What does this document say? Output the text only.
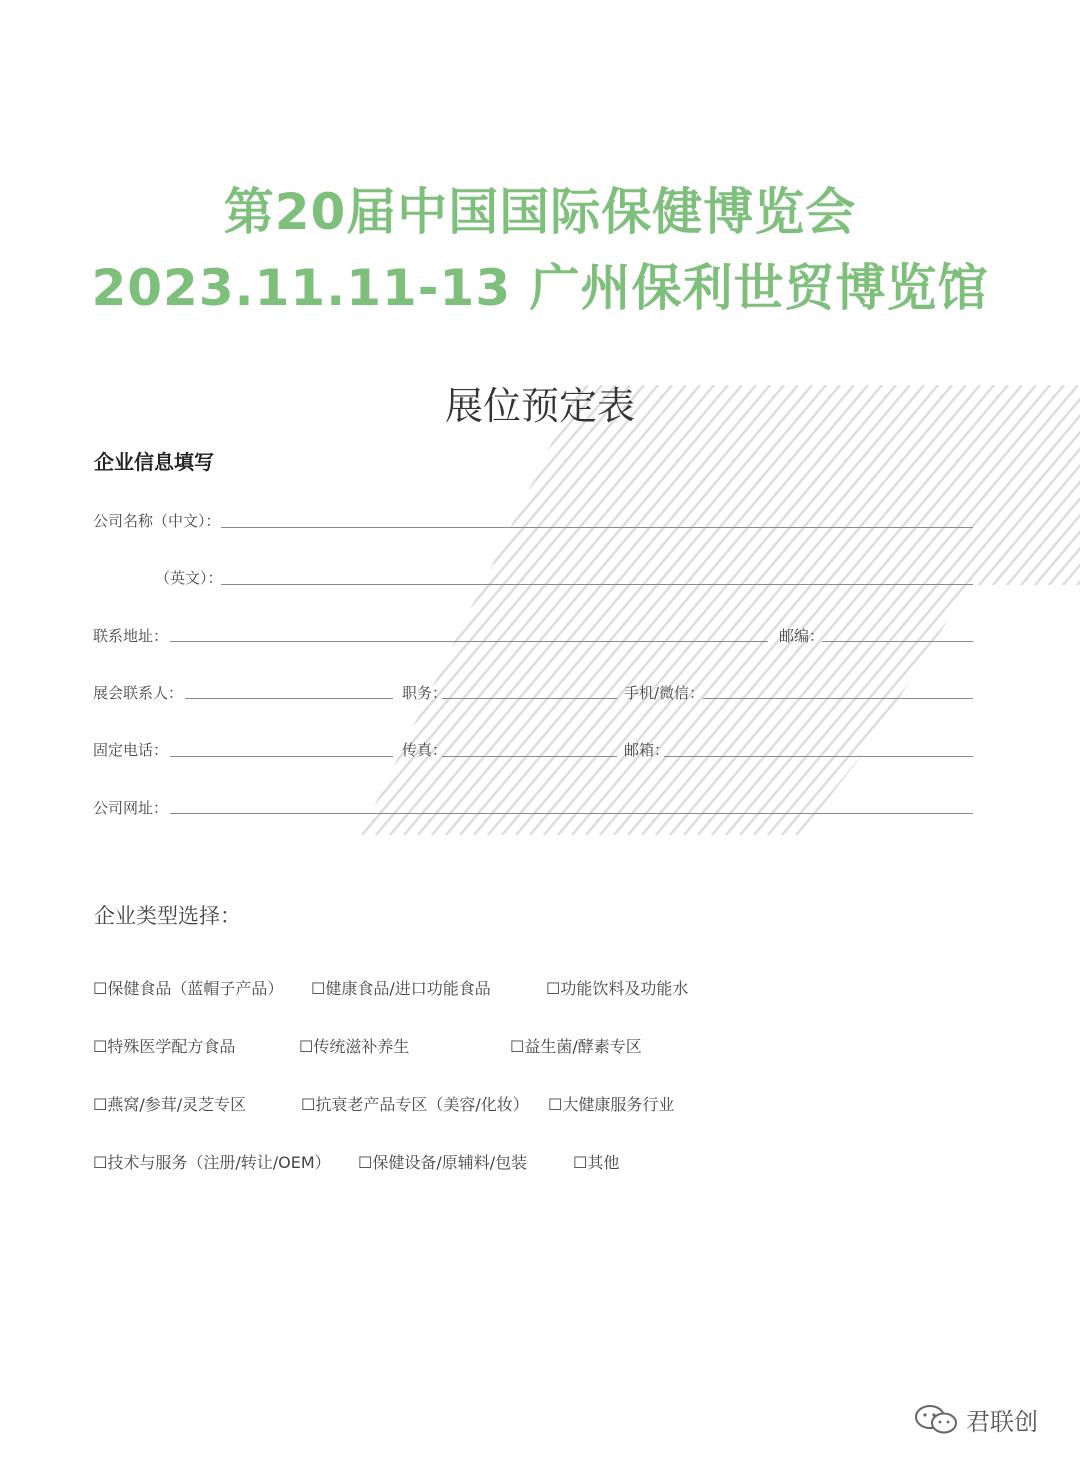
第20届中国国际保健博览会
2023.11.11-13 广州保利世贸博览馆
展位预定表
企业信息填写
公司名称（中文）：
（英文）：
联系地址：	邮编：
展会联系人：	职务：	手机/微信：
固定电话：	传真：	邮箱：
公司网址：
企业类型选择：
☐保健食品（蓝帽子产品） ☐健康食品/进口功能食品	☐功能饮料及功能水
☐特殊医学配方食品	☐传统滋补养生	☐益生菌/酵素专区
☐燕窝/参茸/灵芝专区	☐抗衰老产品专区（美容/化妆） ☐大健康服务行业
☐技术与服务（注册/转让/OEM） ☐保健设备/原辅料/包装	☐其他
君联创
